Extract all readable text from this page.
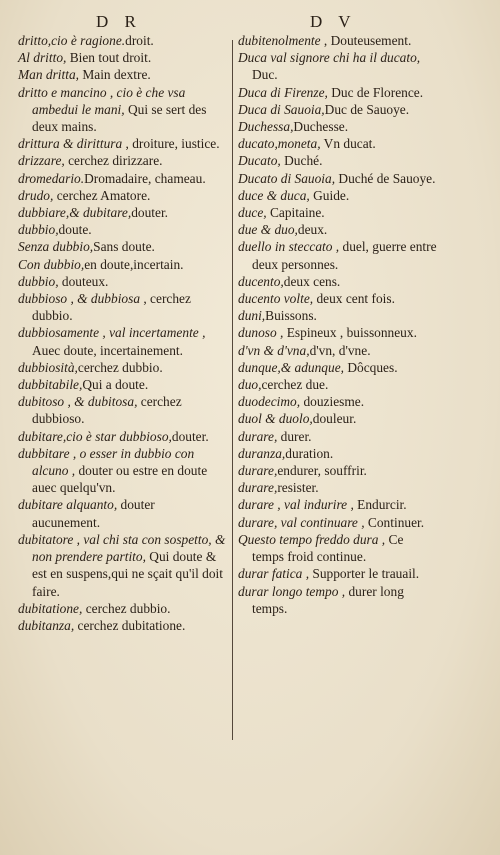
D R	D V

dritto,cio è ragione.droit.

Al dritto, Bien tout droit.

Man dritta, Main dextre.

dritto e mancino , cio è che vsa ambedui le mani, Qui se sert des deux mains.

drittura & dirittura , droiture, iustice.

drizzare, cerchez dirizzare.

dromedario.Dromadaire, chameau.

drudo, cerchez Amatore.

dubbiare,& dubitare,douter.

dubbio,doute.

Senza dubbio,Sans doute.

Con dubbio,en doute,incertain.

dubbio, douteux.

dubbioso , & dubbiosa , cerchez dubbio.

dubbiosamente , val incertamente , Auec doute, incertainement.

dubbiosità,cerchez dubbio.

dubbitabile,Qui a doute.

dubitoso , & dubitosa, cerchez dubbioso.

dubitare,cio è star dubbioso,douter.

dubbitare , o esser in dubbio con alcuno , douter ou estre en doute auec quelqu'vn.

dubitare alquanto, douter aucunement.

dubitatore , val chi sta con sospetto, & non prendere partito, Qui doute & est en suspens,qui ne sçait qu'il doit faire.

dubitatione, cerchez dubbio.

dubitanza, cerchez dubitatione.

dubitenolmente , Douteusement.

Duca val signore chi ha il ducato, Duc.

Duca di Firenze, Duc de Florence.

Duca di Sauoia,Duc de Sauoye.

Duchessa,Duchesse.

ducato,moneta, Vn ducat.

Ducato, Duché.

Ducato di Sauoia, Duché de Sauoye.

duce & duca, Guide.

duce, Capitaine.

due & duo,deux.

duello in steccato , duel, guerre entre deux personnes.

ducento,deux cens.

ducento volte, deux cent fois.

duni,Buissons.

dunoso , Espineux , buissonneux.

d'vn & d'vna,d'vn, d'vne.

dunque,& adunque, Dôcques.

duo,cerchez due.

duodecimo, douziesme.

duol & duolo,douleur.

durare, durer.

duranza,duration.

durare,endurer, souffrir.

durare,resister.

durare , val indurire , Endurcir.

durare, val continuare , Continuer.

Questo tempo freddo dura , Ce temps froid continue.

durar fatica , Supporter le trauail.

durar longo tempo , durer long temps.
